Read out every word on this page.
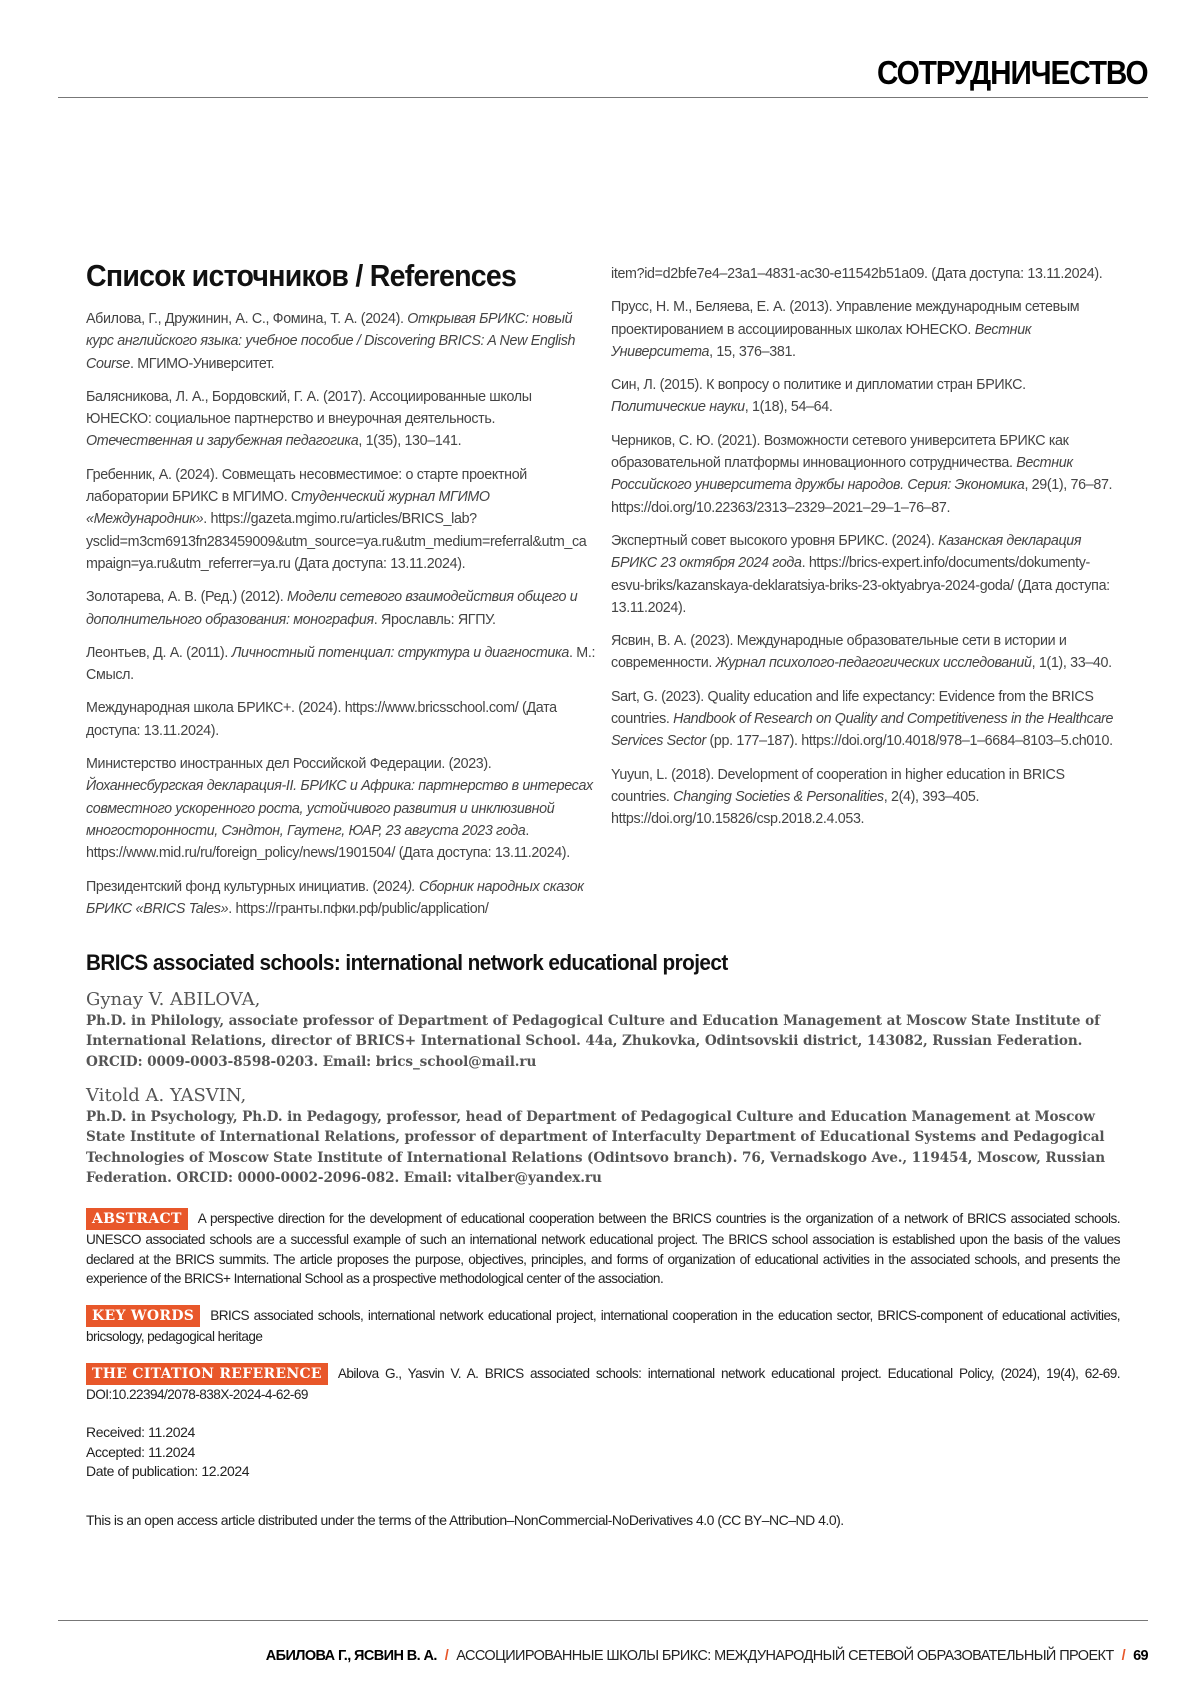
СОТРУДНИЧЕСТВО
Список источников / References
Абилова, Г., Дружинин, А. С., Фомина, Т. А. (2024). Открывая БРИКС: новый курс английского языка: учебное пособие / Discovering BRICS: A New English Course. МГИМО-Университет.
Балясникова, Л. А., Бордовский, Г. А. (2017). Ассоциированные школы ЮНЕСКО: социальное партнерство и внеурочная деятельность. Отечественная и зарубежная педагогика, 1(35), 130–141.
Гребенник, А. (2024). Совмещать несовместимое: о старте проектной лаборатории БРИКС в МГИМО. Студенческий журнал МГИМО «Международник». https://gazeta.mgimo.ru/articles/BRICS_lab?ysclid=m3cm6913fn283459009&utm_source=ya.ru&utm_medium=referral&utm_campaign=ya.ru&utm_referrer=ya.ru (Дата доступа: 13.11.2024).
Золотарева, А. В. (Ред.) (2012). Модели сетевого взаимодействия общего и дополнительного образования: монография. Ярославль: ЯГПУ.
Леонтьев, Д. А. (2011). Личностный потенциал: структура и диагностика. М.: Смысл.
Международная школа БРИКС+. (2024). https://www.bricsschool.com/ (Дата доступа: 13.11.2024).
Министерство иностранных дел Российской Федерации. (2023). Йоханнесбургская декларация-II. БРИКС и Африка: партнерство в интересах совместного ускоренного роста, устойчивого развития и инклюзивной многосторонности, Сэндтон, Гаутенг, ЮАР, 23 августа 2023 года. https://www.mid.ru/ru/foreign_policy/news/1901504/ (Дата доступа: 13.11.2024).
Президентский фонд культурных инициатив. (2024). Сборник народных сказок БРИКС «BRICS Tales». https://гранты.пфки.рф/public/application/
item?id=d2bfe7e4–23a1–4831-ac30-e11542b51a09. (Дата доступа: 13.11.2024).
Прусс, Н. М., Беляева, Е. А. (2013). Управление международным сетевым проектированием в ассоциированных школах ЮНЕСКО. Вестник Университета, 15, 376–381.
Син, Л. (2015). К вопросу о политике и дипломатии стран БРИКС. Политические науки, 1(18), 54–64.
Черников, С. Ю. (2021). Возможности сетевого университета БРИКС как образовательной платформы инновационного сотрудничества. Вестник Российского университета дружбы народов. Серия: Экономика, 29(1), 76–87. https://doi.org/10.22363/2313–2329–2021–29–1–76–87.
Экспертный совет высокого уровня БРИКС. (2024). Казанская декларация БРИКС 23 октября 2024 года. https://brics-expert.info/documents/dokumenty-esvu-briks/kazanskaya-deklaratsiya-briks-23-oktyabrya-2024-goda/ (Дата доступа: 13.11.2024).
Ясвин, В. А. (2023). Международные образовательные сети в истории и современности. Журнал психолого-педагогических исследований, 1(1), 33–40.
Sart, G. (2023). Quality education and life expectancy: Evidence from the BRICS countries. Handbook of Research on Quality and Competitiveness in the Healthcare Services Sector (pp. 177–187). https://doi.org/10.4018/978–1–6684–8103–5.ch010.
Yuyun, L. (2018). Development of cooperation in higher education in BRICS countries. Changing Societies & Personalities, 2(4), 393–405. https://doi.org/10.15826/csp.2018.2.4.053.
BRICS associated schools: international network educational project
Gynay V. ABILOVA,
Ph.D. in Philology, associate professor of Department of Pedagogical Culture and Education Management at Moscow State Institute of International Relations, director of BRICS+ International School. 44a, Zhukovka, Odintsovskii district, 143082, Russian Federation. ORCID: 0009-0003-8598-0203. Email: brics_school@mail.ru
Vitold A. YASVIN,
Ph.D. in Psychology, Ph.D. in Pedagogy, professor, head of Department of Pedagogical Culture and Education Management at Moscow State Institute of International Relations, professor of department of Interfaculty Department of Educational Systems and Pedagogical Technologies of Moscow State Institute of International Relations (Odintsovo branch). 76, Vernadskogo Ave., 119454, Moscow, Russian Federation. ORCID: 0000-0002-2096-082. Email: vitalber@yandex.ru
ABSTRACT A perspective direction for the development of educational cooperation between the BRICS countries is the organization of a network of BRICS associated schools. UNESCO associated schools are a successful example of such an international network educational project. The BRICS school association is established upon the basis of the values declared at the BRICS summits. The article proposes the purpose, objectives, principles, and forms of organization of educational activities in the associated schools, and presents the experience of the BRICS+ International School as a prospective methodological center of the association.
KEY WORDS BRICS associated schools, international network educational project, international cooperation in the education sector, BRICS-component of educational activities, bricsology, pedagogical heritage
THE CITATION REFERENCE Abilova G., Yasvin V. A. BRICS associated schools: international network educational project. Educational Policy, (2024), 19(4), 62-69. DOI:10.22394/2078-838X-2024-4-62-69
Received: 11.2024
Accepted: 11.2024
Date of publication: 12.2024
This is an open access article distributed under the terms of the Attribution–NonCommercial-NoDerivatives 4.0 (CC BY–NC–ND 4.0).
АБИЛОВА Г., ЯСВИН В. А. / АССОЦИИРОВАННЫЕ ШКОЛЫ БРИКС: МЕЖДУНАРОДНЫЙ СЕТЕВОЙ ОБРАЗОВАТЕЛЬНЫЙ ПРОЕКТ / 69
